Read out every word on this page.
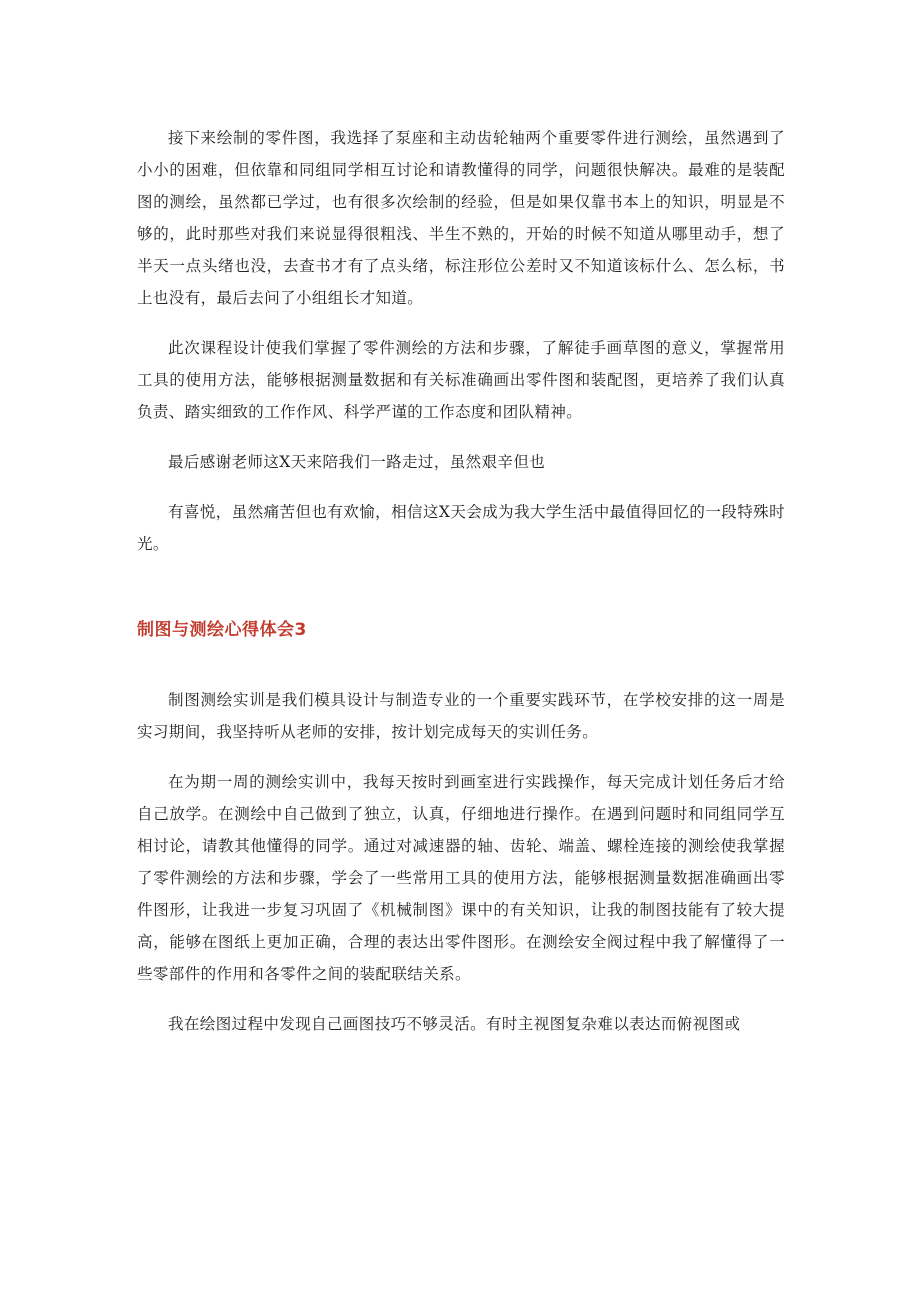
接下来绘制的零件图，我选择了泵座和主动齿轮轴两个重要零件进行测绘，虽然遇到了小小的困难，但依靠和同组同学相互讨论和请教懂得的同学，问题很快解决。最难的是装配图的测绘，虽然都已学过，也有很多次绘制的经验，但是如果仅靠书本上的知识，明显是不够的，此时那些对我们来说显得很粗浅、半生不熟的，开始的时候不知道从哪里动手，想了半天一点头绪也没，去查书才有了点头绪，标注形位公差时又不知道该标什么、怎么标，书上也没有，最后去问了小组组长才知道。

此次课程设计使我们掌握了零件测绘的方法和步骤，了解徒手画草图的意义，掌握常用工具的使用方法，能够根据测量数据和有关标准确画出零件图和装配图，更培养了我们认真负责、踏实细致的工作作风、科学严谨的工作态度和团队精神。

最后感谢老师这X天来陪我们一路走过，虽然艰辛但也

有喜悦，虽然痛苦但也有欢愉，相信这X天会成为我大学生活中最值得回忆的一段特殊时光。

制图与测绘心得体会3

制图测绘实训是我们模具设计与制造专业的一个重要实践环节，在学校安排的这一周是实习期间，我坚持听从老师的安排，按计划完成每天的实训任务。

在为期一周的测绘实训中，我每天按时到画室进行实践操作，每天完成计划任务后才给自己放学。在测绘中自己做到了独立，认真，仔细地进行操作。在遇到问题时和同组同学互相讨论，请教其他懂得的同学。通过对减速器的轴、齿轮、端盖、螺栓连接的测绘使我掌握了零件测绘的方法和步骤，学会了一些常用工具的使用方法，能够根据测量数据准确画出零件图形，让我进一步复习巩固了《机械制图》课中的有关知识，让我的制图技能有了较大提高，能够在图纸上更加正确，合理的表达出零件图形。在测绘安全阀过程中我了解懂得了一些零部件的作用和各零件之间的装配联结关系。

我在绘图过程中发现自己画图技巧不够灵活。有时主视图复杂难以表达而俯视图或
